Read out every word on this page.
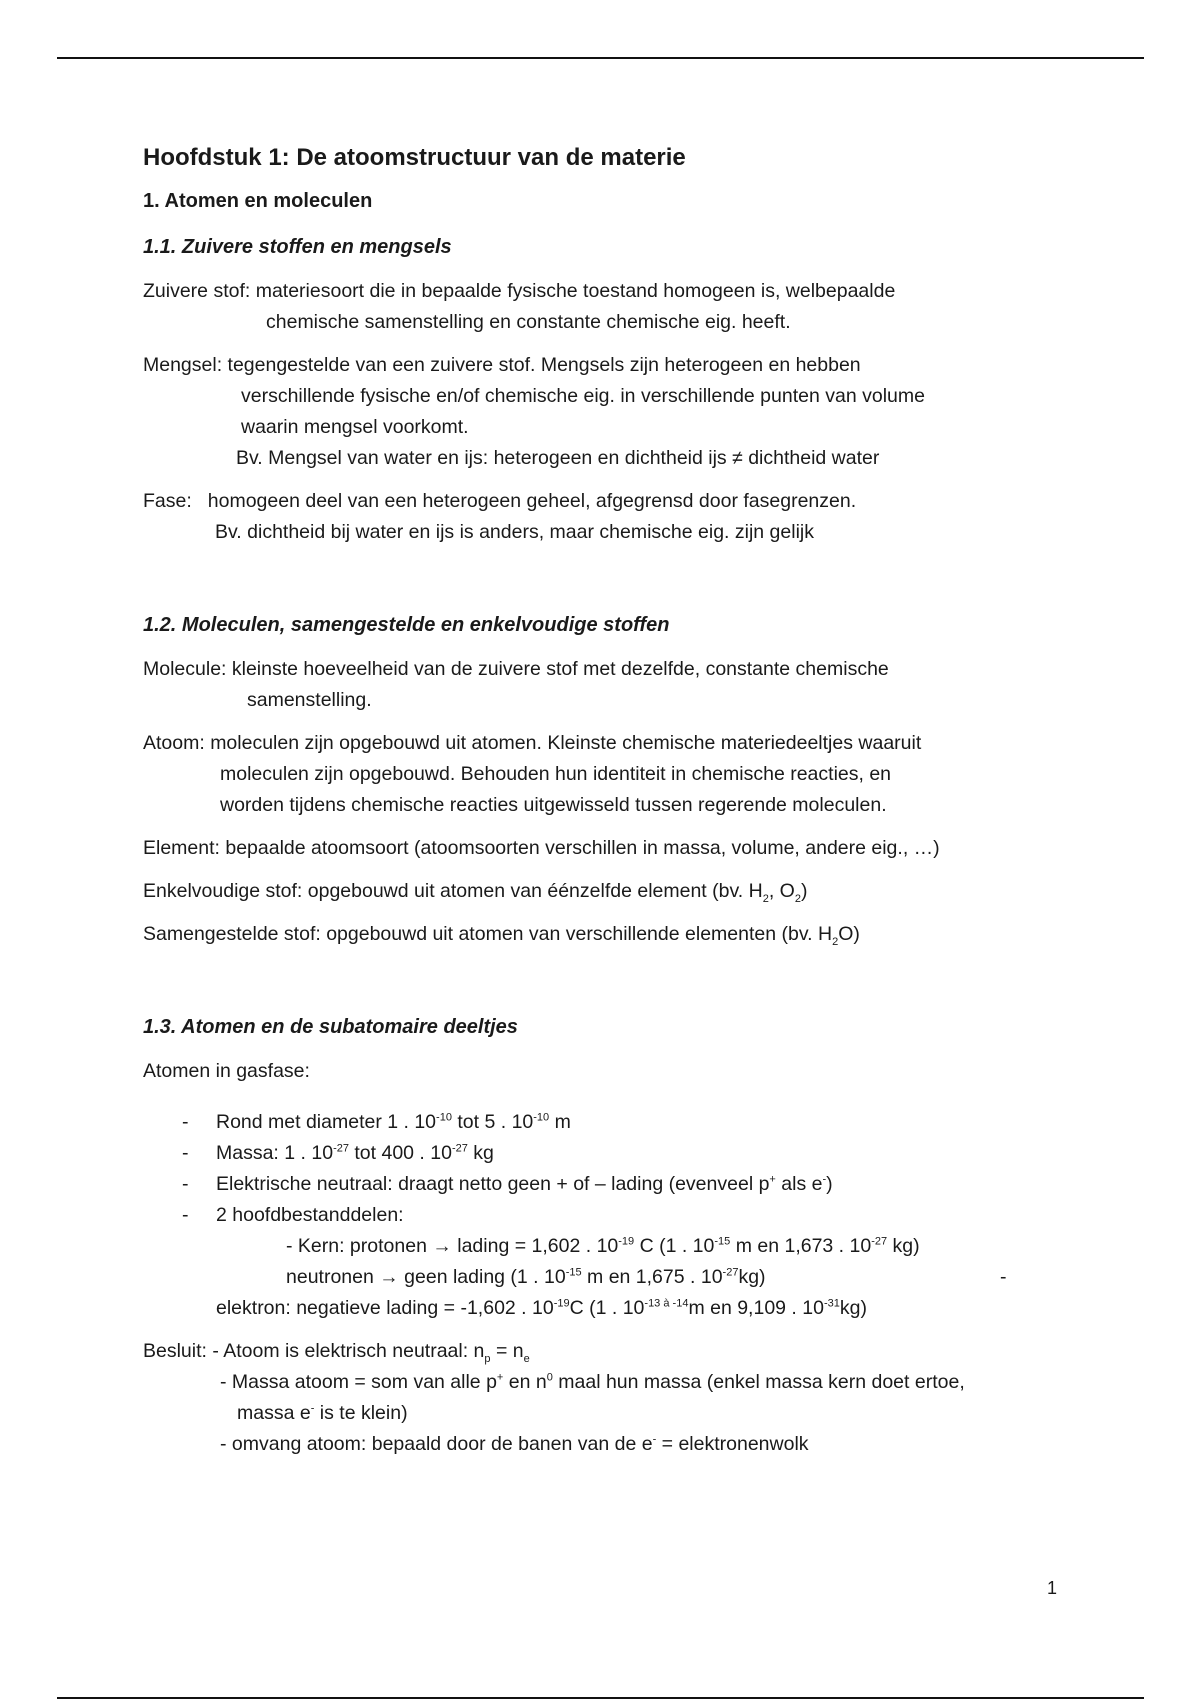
Hoofdstuk 1: De atoomstructuur van de materie
1. Atomen en moleculen
1.1. Zuivere stoffen en mengsels
Zuivere stof: materiesoort die in bepaalde fysische toestand homogeen is, welbepaalde
chemische samenstelling en constante chemische eig. heeft.
Mengsel: tegengestelde van een zuivere stof. Mengsels zijn heterogeen en hebben
verschillende fysische en/of chemische eig. in verschillende punten van volume
waarin mengsel voorkomt.
Bv. Mengsel van water en ijs: heterogeen en dichtheid ijs ≠ dichtheid water
Fase: homogeen deel van een heterogeen geheel, afgegrensd door fasegrenzen.
Bv. dichtheid bij water en ijs is anders, maar chemische eig. zijn gelijk
1.2. Moleculen, samengestelde en enkelvoudige stoffen
Molecule: kleinste hoeveelheid van de zuivere stof met dezelfde, constante chemische
samenstelling.
Atoom: moleculen zijn opgebouwd uit atomen. Kleinste chemische materiedeeltjes waaruit
moleculen zijn opgebouwd. Behouden hun identiteit in chemische reacties, en
worden tijdens chemische reacties uitgewisseld tussen regerende moleculen.
Element: bepaalde atoomsoort (atoomsoorten verschillen in massa, volume, andere eig., …)
Enkelvoudige stof: opgebouwd uit atomen van éénzelfde element (bv. $H_2$, $O_2$)
Samengestelde stof: opgebouwd uit atomen van verschillende elementen (bv. $H_2O$)
1.3. Atomen en de subatomaire deeltjes
Atomen in gasfase:
- Rond met diameter 1 . $10^{-10}$ tot 5 . $10^{-10}$ m
- Massa: 1 . $10^{-27}$ tot 400 . $10^{-27}$ kg
- Elektrische neutraal: draagt netto geen + of – lading (evenveel p+ als e-)
- 2 hoofdbestanddelen:
- Kern: protonen → lading = 1,602 . $10^{-19}$ C (1 . $10^{-15}$ m en 1,673 . $10^{-27}$ kg)
neutronen → geen lading (1 . $10^{-15}$ m en 1,675 . $10^{-27}kg$)	-
elektron: negatieve lading = -1,602 . $10^{-19}C$ (1 . $10^{-13 à -14}m$ en 9,109 . $10^{-31}kg$)
Besluit: - Atoom is elektrisch neutraal: $n_p = n_e$
- Massa atoom = som van alle p+ en $n^0$ maal hun massa (enkel massa kern doet ertoe,
massa e- is te klein)
- omvang atoom: bepaald door de banen van de e- = elektronenwolk
1
